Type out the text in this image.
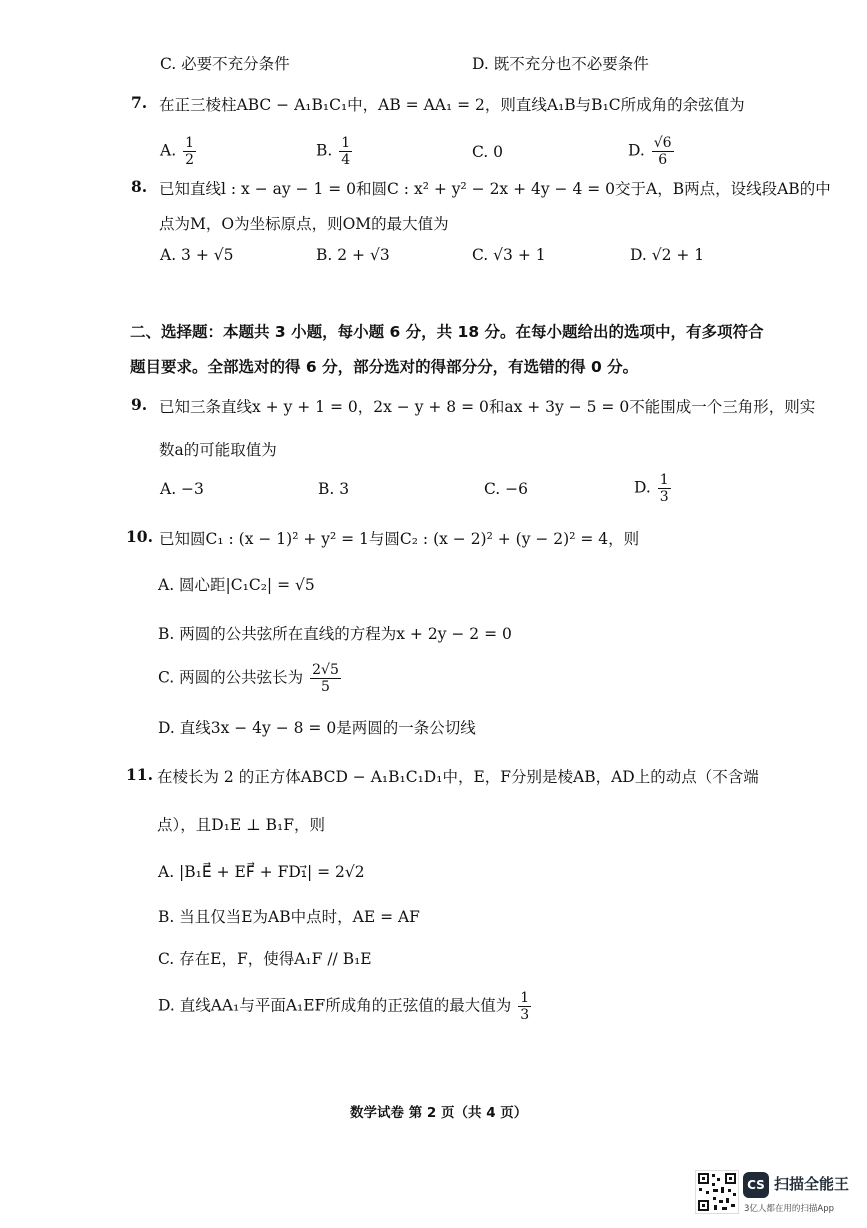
C. 必要不充分条件	D. 既不充分也不必要条件
7. 在正三棱柱ABC − A₁B₁C₁中，AB = AA₁ = 2，则直线A₁B与B₁C所成角的余弦值为
A. $\frac{1}{2}$	B. $\frac{1}{4}$	C. 0	D. $\frac{√6}{6}$
8. 已知直线l : x − ay − 1 = 0和圆C : x² + y² − 2x + 4y − 4 = 0交于A，B两点，设线段AB的中
点为M，O为坐标原点，则OM的最大值为
A. 3 + √5	B. 2 + √3	C. √3 + 1	D. √2 + 1
二、选择题：本题共 3 小题，每小题 6 分，共 18 分。在每小题给出的选项中，有多项符合
题目要求。全部选对的得 6 分，部分选对的得部分分，有选错的得 0 分。
9. 已知三条直线x + y + 1 = 0，2x − y + 8 = 0和ax + 3y − 5 = 0不能围成一个三角形，则实
数a的可能取值为
A. −3	B. 3	C. −6	D. $\frac{1}{3}$
10. 已知圆C₁ : (x − 1)² + y² = 1与圆C₂ : (x − 2)² + (y − 2)² = 4，则
A. 圆心距|C₁C₂| = √5
B. 两圆的公共弦所在直线的方程为x + 2y − 2 = 0
C. 两圆的公共弦长为 $\frac{2√5}{5}$
D. 直线3x − 4y − 8 = 0是两圆的一条公切线
11. 在棱长为 2 的正方体ABCD − A₁B₁C₁D₁中，E，F分别是棱AB，AD上的动点（不含端
点），且D₁E ⊥ B₁F，则
A. |B₁E⃗ + EF⃗ + FD₁⃗| = 2√2
B. 当且仅当E为AB中点时，AE = AF
C. 存在E，F，使得A₁F // B₁E
D. 直线AA₁与平面A₁EF所成角的正弦值的最大值为 $\frac{1}{3}$
数学试卷 第 2 页（共 4 页）
CS 扫描全能王
3亿人都在用的扫描App
